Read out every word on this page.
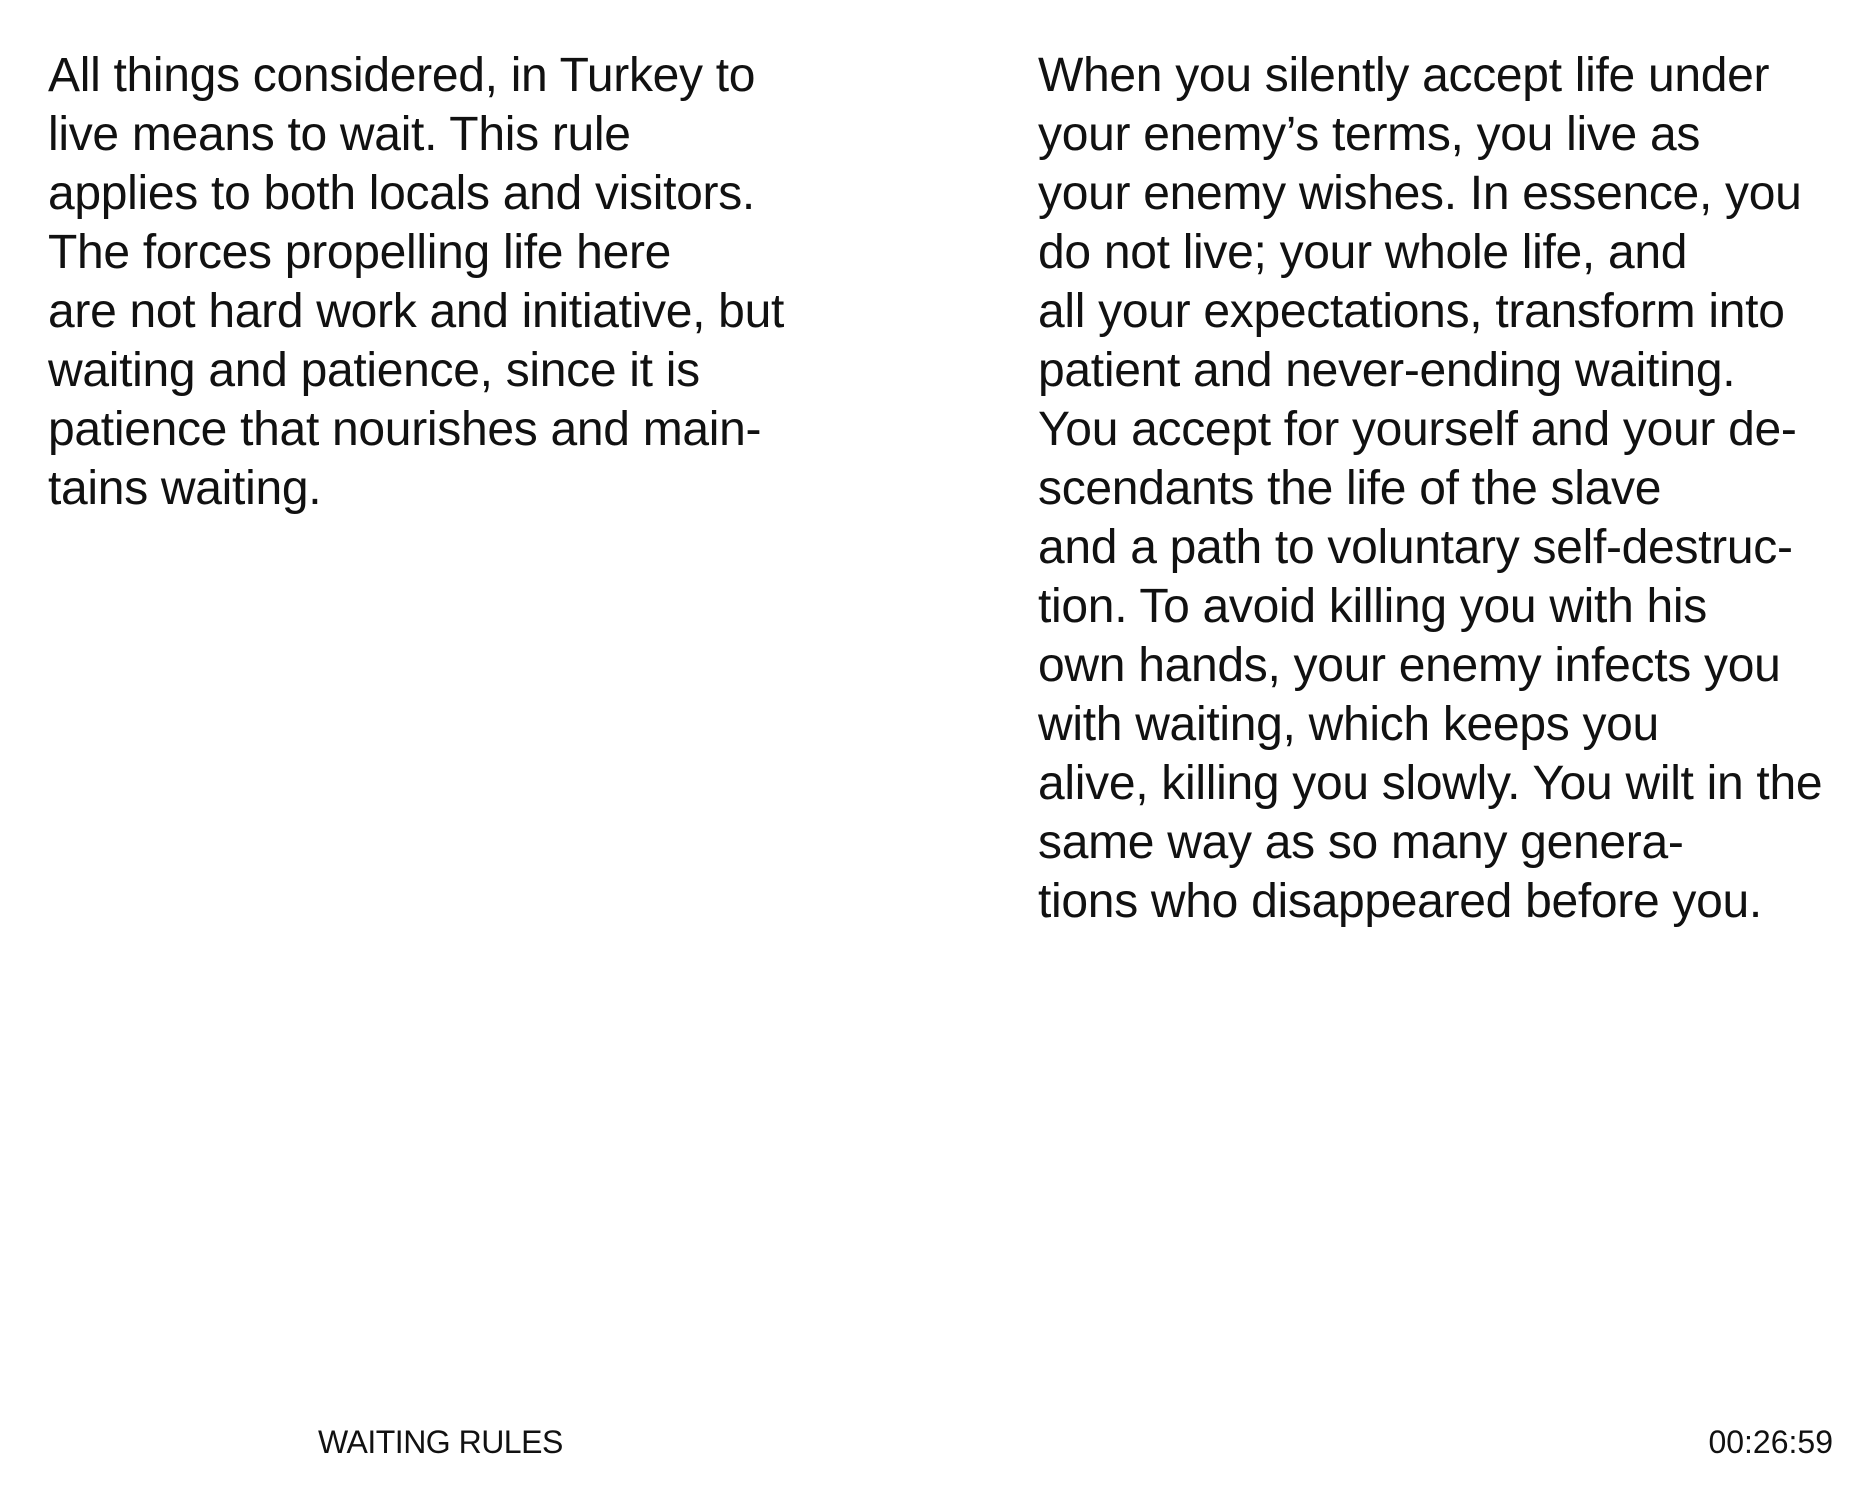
All things considered, in Turkey to
live means to wait. This rule
applies to both locals and visitors.
The forces propelling life here
are not hard work and initiative, but
waiting and patience, since it is
patience that nourishes and main-
tains waiting.
When you silently accept life under
your enemy’s terms, you live as
your enemy wishes. In essence, you
do not live; your whole life, and
all your expectations, transform into
patient and never-ending waiting.
You accept for yourself and your de-
scendants the life of the slave
and a path to voluntary self-destruc-
tion. To avoid killing you with his
own hands, your enemy infects you
with waiting, which keeps you
alive, killing you slowly. You wilt in the
same way as so many genera-
tions who disappeared before you.
WAITING RULES	00:26:59
